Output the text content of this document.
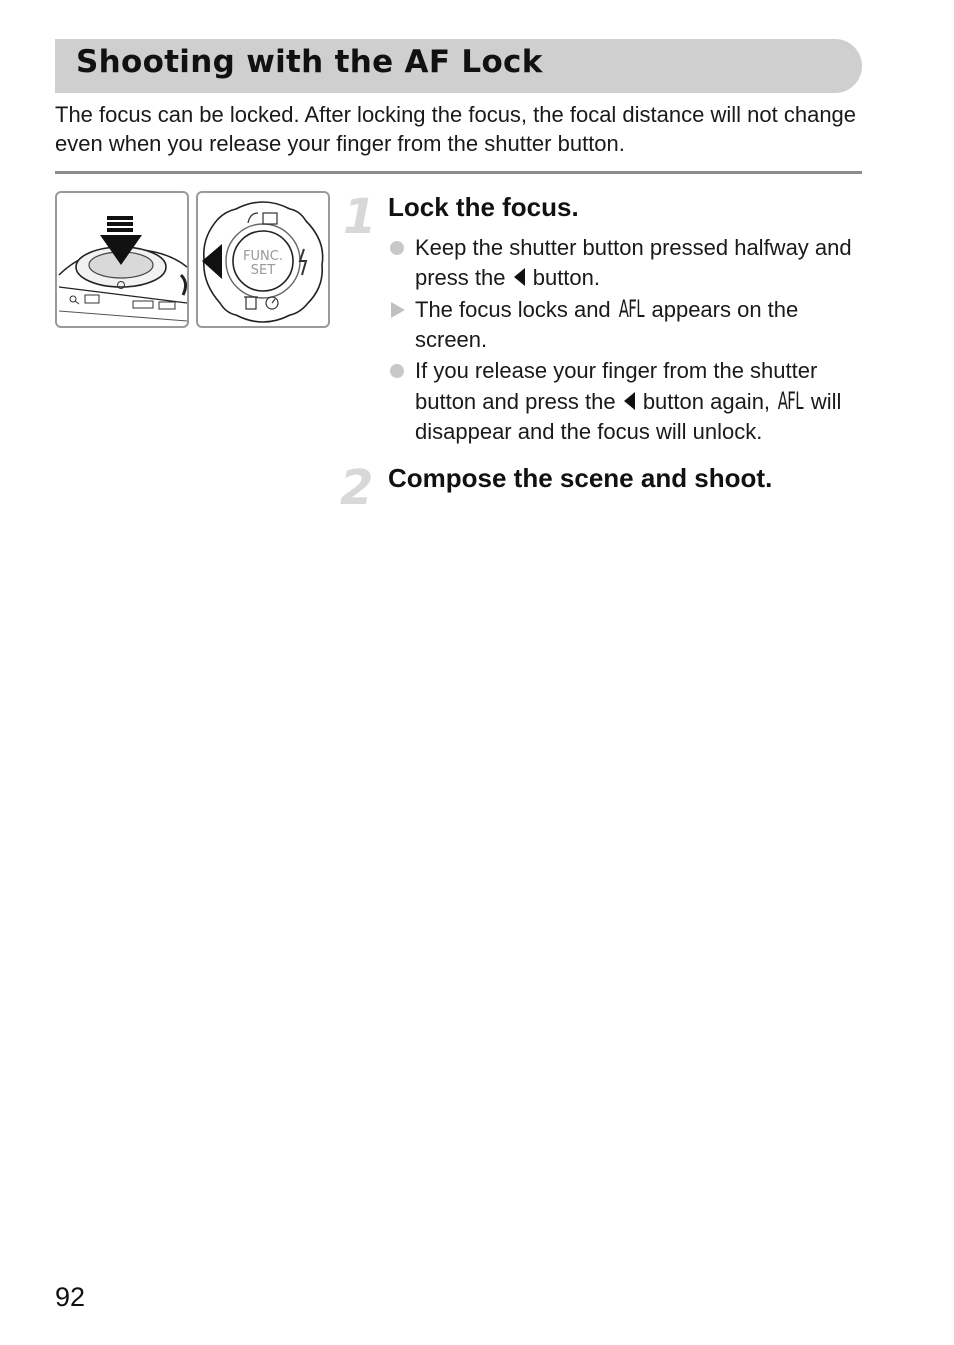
Shooting with the AF Lock
The focus can be locked. After locking the focus, the focal distance will not change even when you release your finger from the shutter button.
FUNC.
SET
1 Lock the focus.
Keep the shutter button pressed halfway and press the  button.
The focus locks and AFL appears on the screen.
If you release your finger from the shutter button and press the  button again, AFL will disappear and the focus will unlock.
2 Compose the scene and shoot.
92
